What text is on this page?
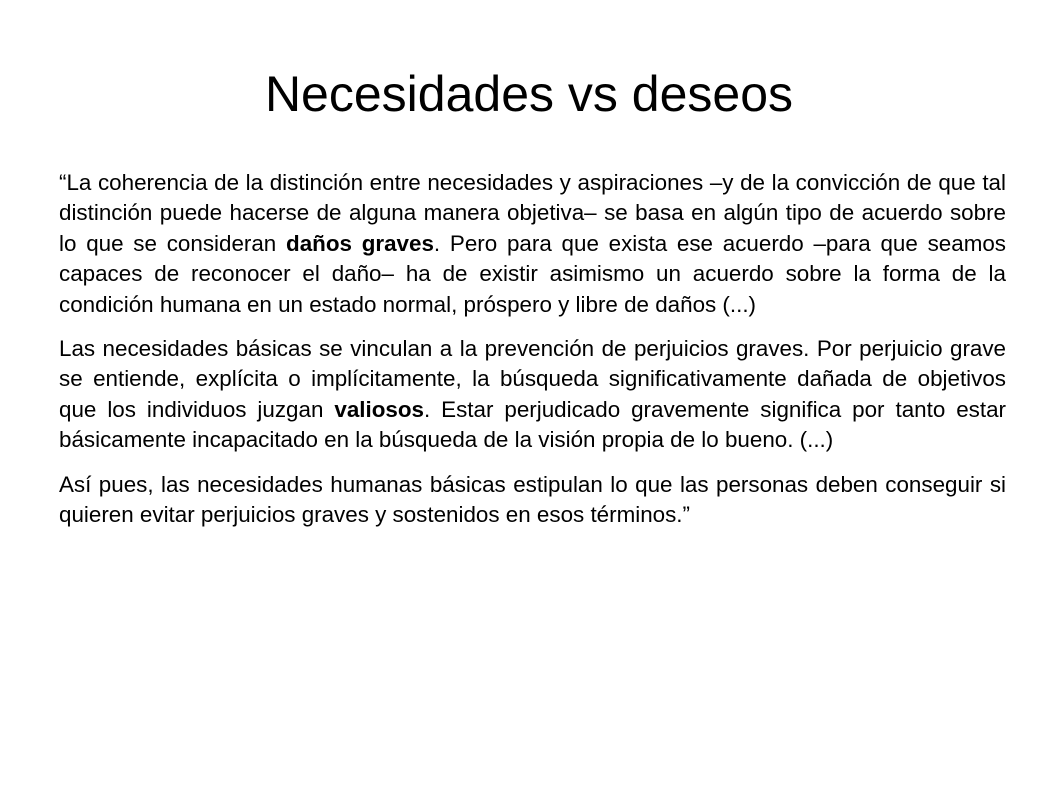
Necesidades vs deseos

“La coherencia de la distinción entre necesidades y aspiraciones –y de la convicción de que tal distinción puede hacerse de alguna manera objetiva– se basa en algún tipo de acuerdo sobre lo que se consideran daños graves. Pero para que exista ese acuerdo –para que seamos capaces de reconocer el daño– ha de existir asimismo un acuerdo sobre la forma de la condición humana en un estado normal, próspero y libre de daños (...)

Las necesidades básicas se vinculan a la prevención de perjuicios graves. Por perjuicio grave se entiende, explícita o implícitamente, la búsqueda significativamente dañada de objetivos que los individuos juzgan valiosos. Estar perjudicado gravemente significa por tanto estar básicamente incapacitado en la búsqueda de la visión propia de lo bueno. (...)

Así pues, las necesidades humanas básicas estipulan lo que las personas deben conseguir si quieren evitar perjuicios graves y sostenidos en esos términos.”
